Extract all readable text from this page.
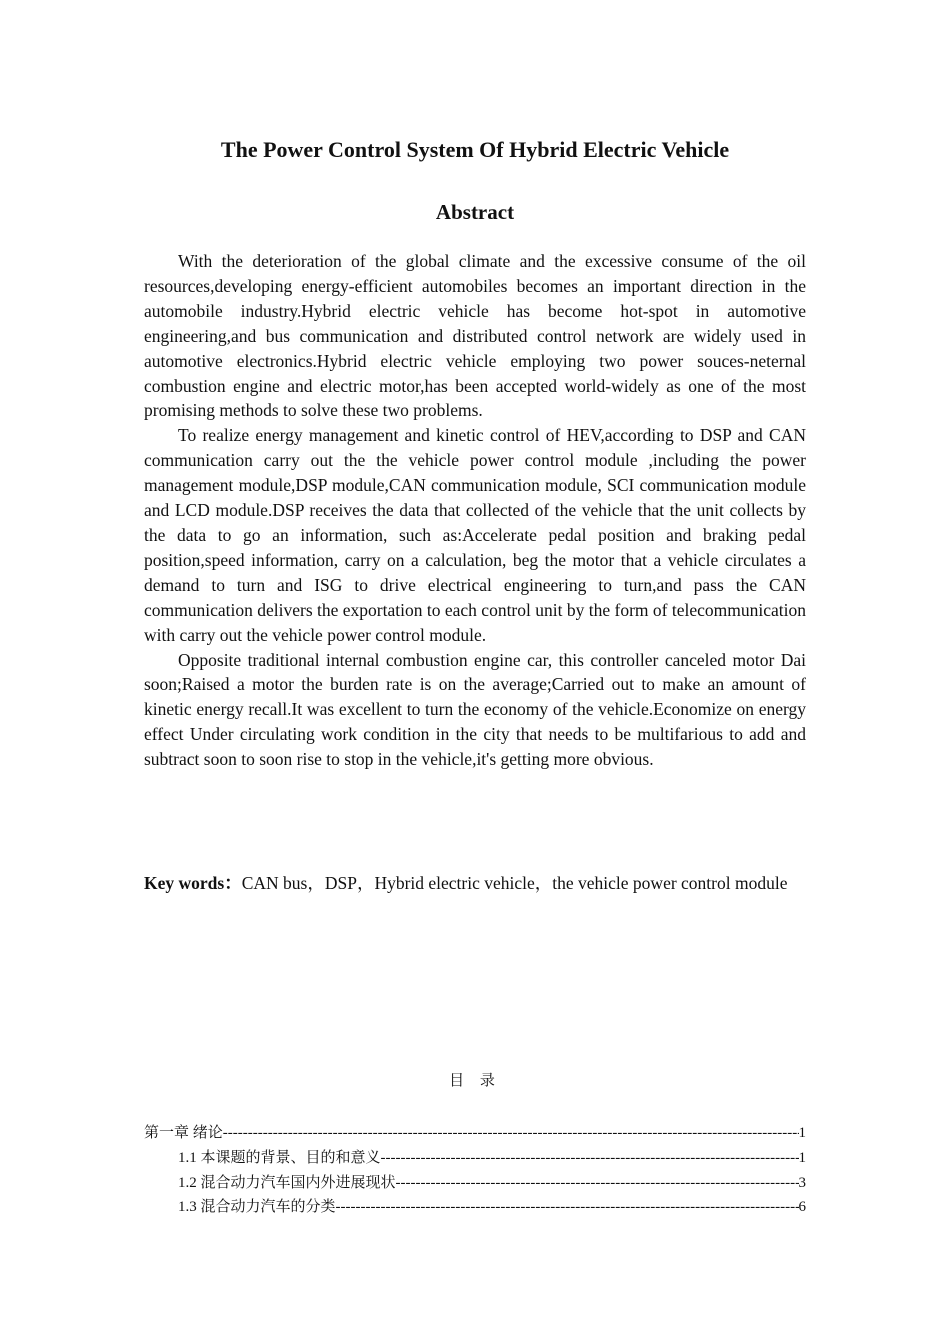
The Power Control System Of Hybrid Electric Vehicle
Abstract

With the deterioration of the global climate and the excessive consume of the oil resources,developing energy-efficient automobiles becomes an important direction in the automobile industry.Hybrid electric vehicle has become hot-spot in automotive engineering,and bus communication and distributed control network are widely used in automotive electronics.Hybrid electric vehicle employing two power souces-neternal combustion engine and electric motor,has been accepted world-widely as one of the most promising methods to solve these two problems.

To realize energy management and kinetic control of HEV,according to DSP and CAN communication carry out the the vehicle power control module ,including the power management module,DSP module,CAN communication module, SCI communication module and LCD module.DSP receives the data that collected of the vehicle that the unit collects by the data to go an information, such as:Accelerate pedal position and braking pedal position,speed information, carry on a calculation, beg the motor that a vehicle circulates a demand to turn and ISG to drive electrical engineering to turn,and pass the CAN communication delivers the exportation to each control unit by the form of telecommunication with carry out the vehicle power control module.

Opposite traditional internal combustion engine car, this controller canceled motor Dai soon;Raised a motor the burden rate is on the average;Carried out to make an amount of kinetic energy recall.It was excellent to turn the economy of the vehicle.Economize on energy effect Under circulating work condition in the city that needs to be multifarious to add and subtract soon to soon rise to stop in the vehicle,it's getting more obvious.

Key words：CAN bus，DSP，Hybrid electric vehicle，the vehicle power control module

目 录
第一章 绪论 -----	1
1.1 本课题的背景、目的和意义 -----	1
1.2 混合动力汽车国内外进展现状 -----	3
1.3 混合动力汽车的分类 -----	6
